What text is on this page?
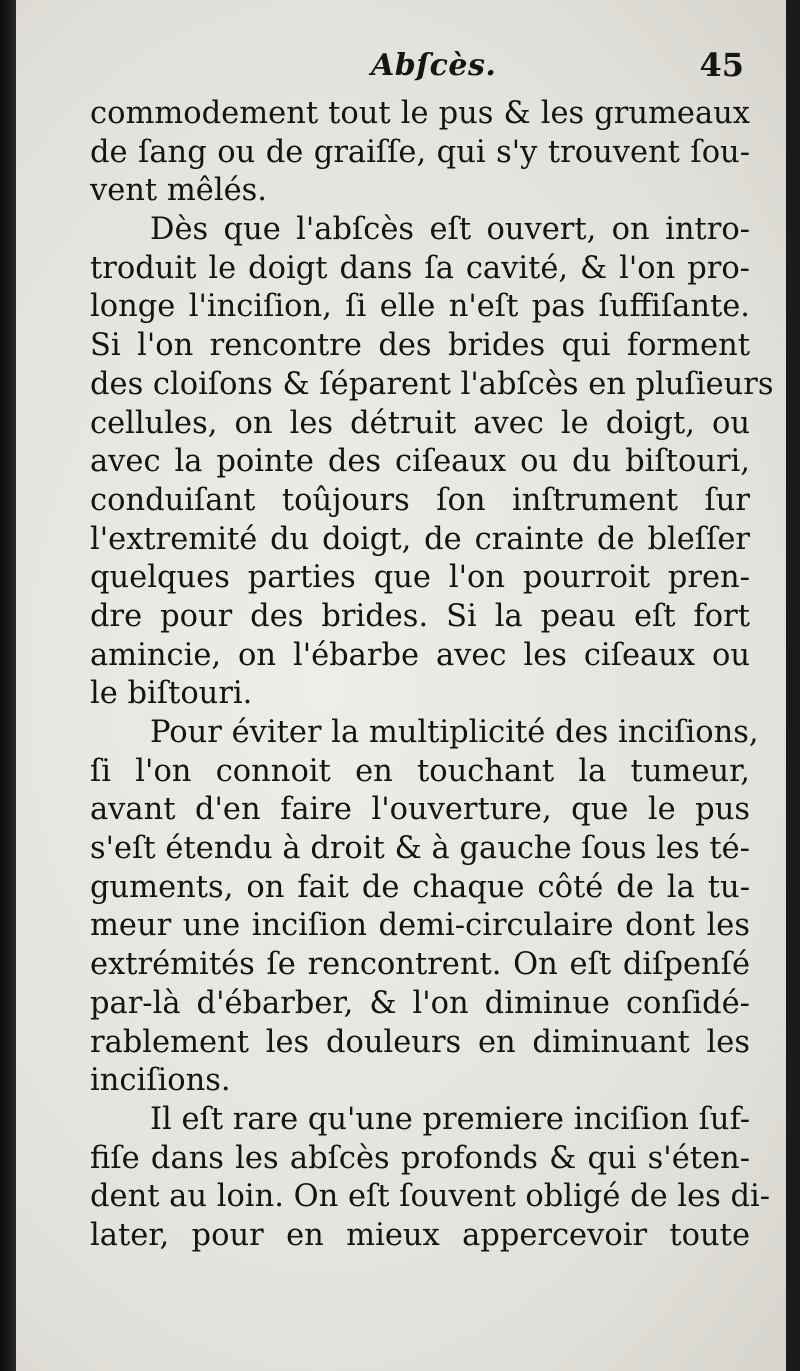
Abſcès.	45
commodement tout le pus & les grumeaux
de ſang ou de graiſſe, qui s'y trouvent ſou-
vent mêlés.
Dès que l'abſcès eſt ouvert, on intro-
troduit le doigt dans ſa cavité, & l'on pro-
longe l'inciſion, ſi elle n'eſt pas ſuffiſante.
Si l'on rencontre des brides qui forment
des cloiſons & ſéparent l'abſcès en pluſieurs
cellules, on les détruit avec le doigt, ou
avec la pointe des ciſeaux ou du biſtouri,
conduiſant toûjours ſon inſtrument ſur
l'extremité du doigt, de crainte de bleſſer
quelques parties que l'on pourroit pren-
dre pour des brides. Si la peau eſt fort
amincie, on l'ébarbe avec les ciſeaux ou
le biſtouri.
Pour éviter la multiplicité des inciſions,
ſi l'on connoit en touchant la tumeur,
avant d'en faire l'ouverture, que le pus
s'eſt étendu à droit & à gauche ſous les té-
guments, on fait de chaque côté de la tu-
meur une inciſion demi-circulaire dont les
extrémités ſe rencontrent. On eſt diſpenſé
par-là d'ébarber, & l'on diminue conſidé-
rablement les douleurs en diminuant les
inciſions.
Il eſt rare qu'une premiere inciſion ſuf-
fiſe dans les abſcès profonds & qui s'éten-
dent au loin. On eſt ſouvent obligé de les di-
later, pour en mieux appercevoir toute
